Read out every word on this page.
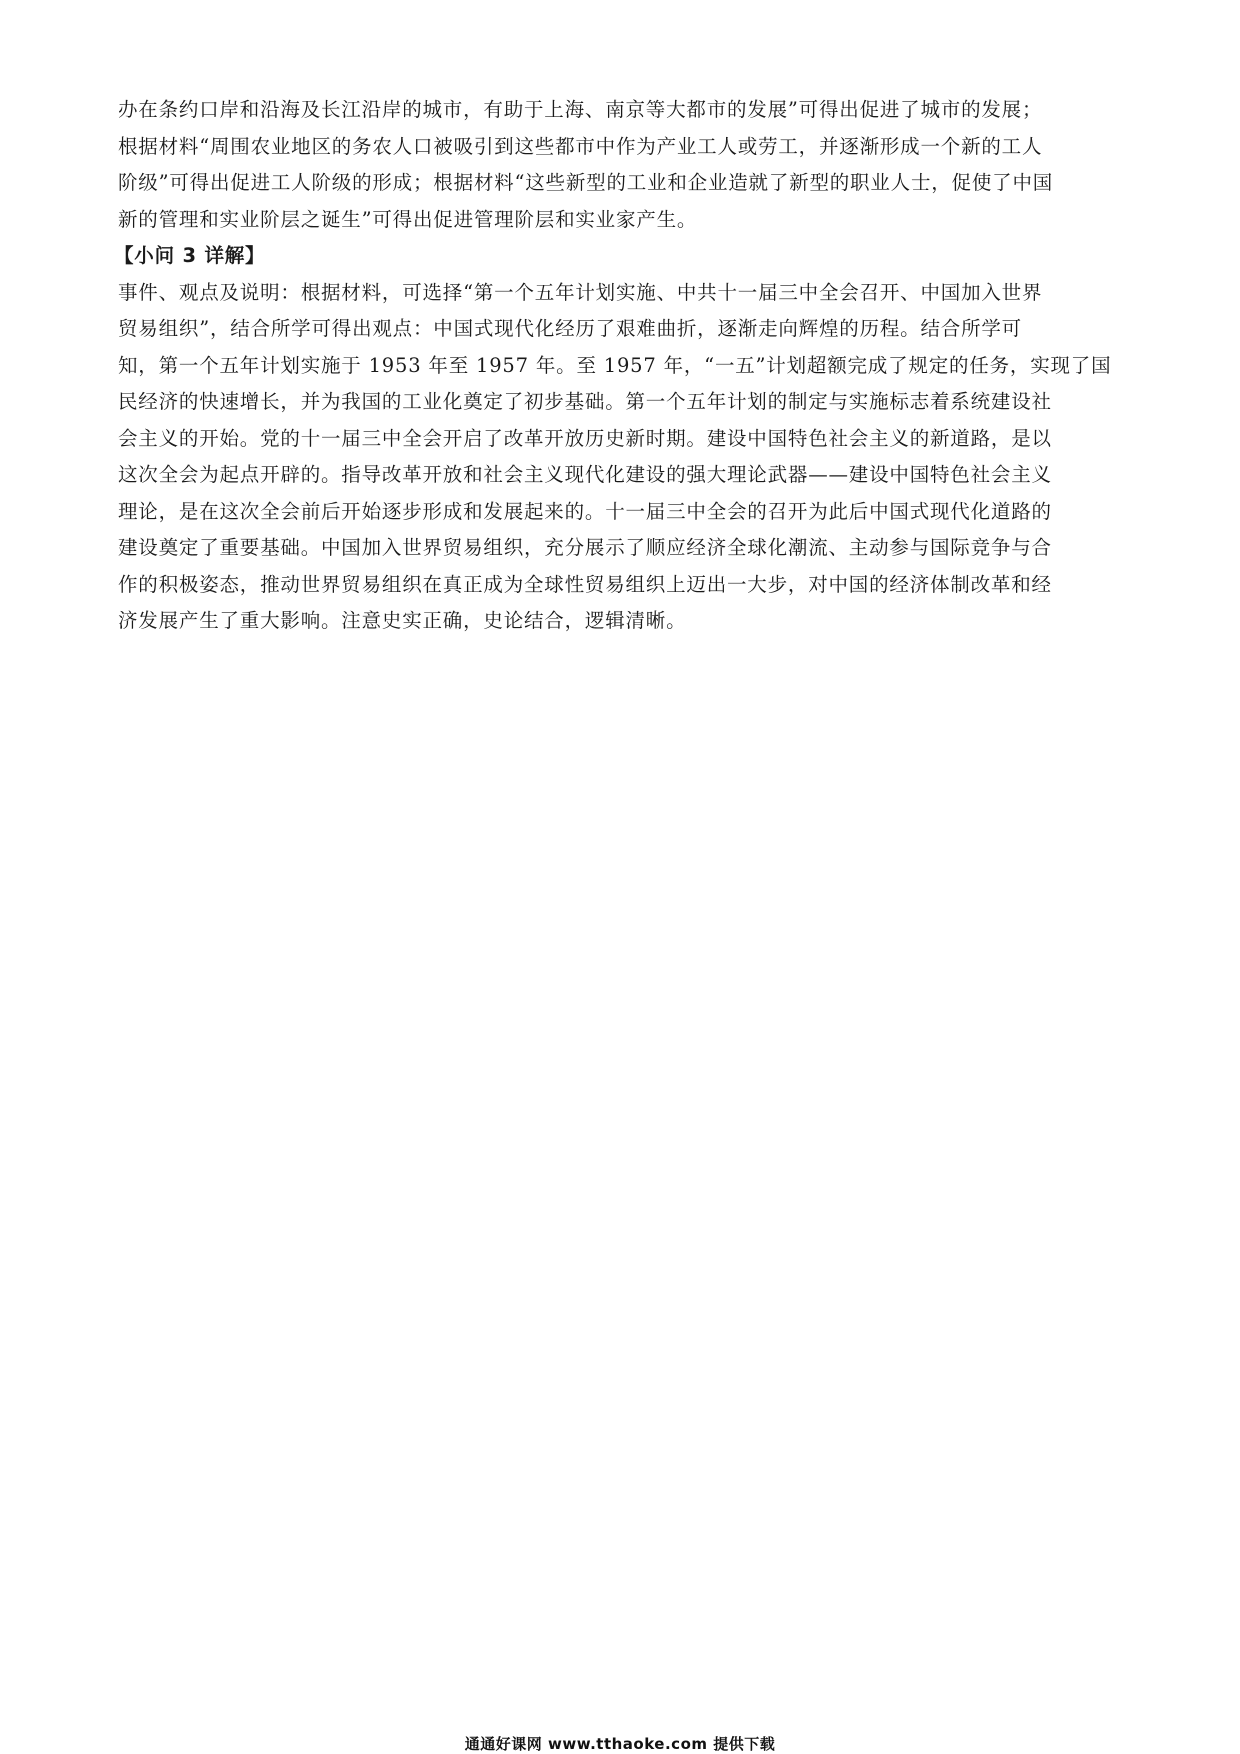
办在条约口岸和沿海及长江沿岸的城市，有助于上海、南京等大都市的发展”可得出促进了城市的发展；
根据材料“周围农业地区的务农人口被吸引到这些都市中作为产业工人或劳工，并逐渐形成一个新的工人
阶级”可得出促进工人阶级的形成；根据材料“这些新型的工业和企业造就了新型的职业人士，促使了中国
新的管理和实业阶层之诞生”可得出促进管理阶层和实业家产生。

【小问 3 详解】

事件、观点及说明：根据材料，可选择“第一个五年计划实施、中共十一届三中全会召开、中国加入世界
贸易组织”，结合所学可得出观点：中国式现代化经历了艰难曲折，逐渐走向辉煌的历程。结合所学可
知，第一个五年计划实施于 1953 年至 1957 年。至 1957 年，“一五”计划超额完成了规定的任务，实现了国
民经济的快速增长，并为我国的工业化奠定了初步基础。第一个五年计划的制定与实施标志着系统建设社
会主义的开始。党的十一届三中全会开启了改革开放历史新时期。建设中国特色社会主义的新道路，是以
这次全会为起点开辟的。指导改革开放和社会主义现代化建设的强大理论武器——建设中国特色社会主义
理论，是在这次全会前后开始逐步形成和发展起来的。十一届三中全会的召开为此后中国式现代化道路的
建设奠定了重要基础。中国加入世界贸易组织，充分展示了顺应经济全球化潮流、主动参与国际竞争与合
作的积极姿态，推动世界贸易组织在真正成为全球性贸易组织上迈出一大步，对中国的经济体制改革和经
济发展产生了重大影响。注意史实正确，史论结合，逻辑清晰。

通通好课网 www.tthaoke.com 提供下载
